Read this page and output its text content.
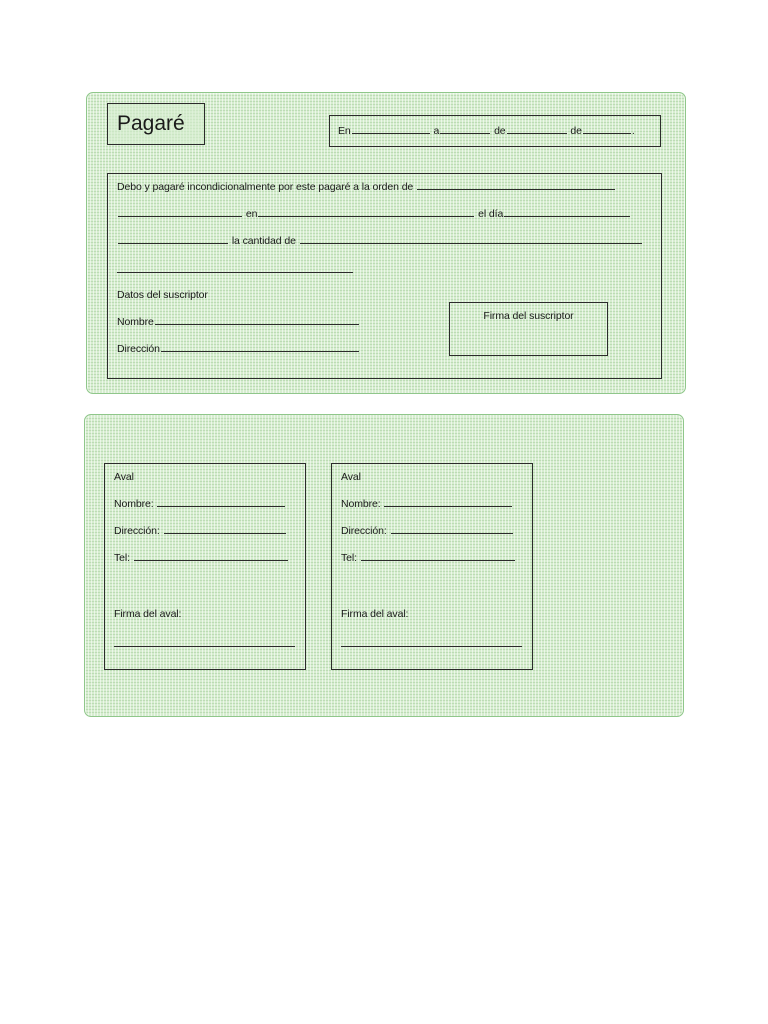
Pagaré	En	a	de	de	.
Debo y pagaré incondicionalmente por este pagaré a la orden de
en	el día
la cantidad de
Datos del suscriptor
Nombre
Dirección
Firma del suscriptor
Aval
Nombre:
Dirección:
Tel:
Firma del aval:
Aval
Nombre:
Dirección:
Tel:
Firma del aval:
